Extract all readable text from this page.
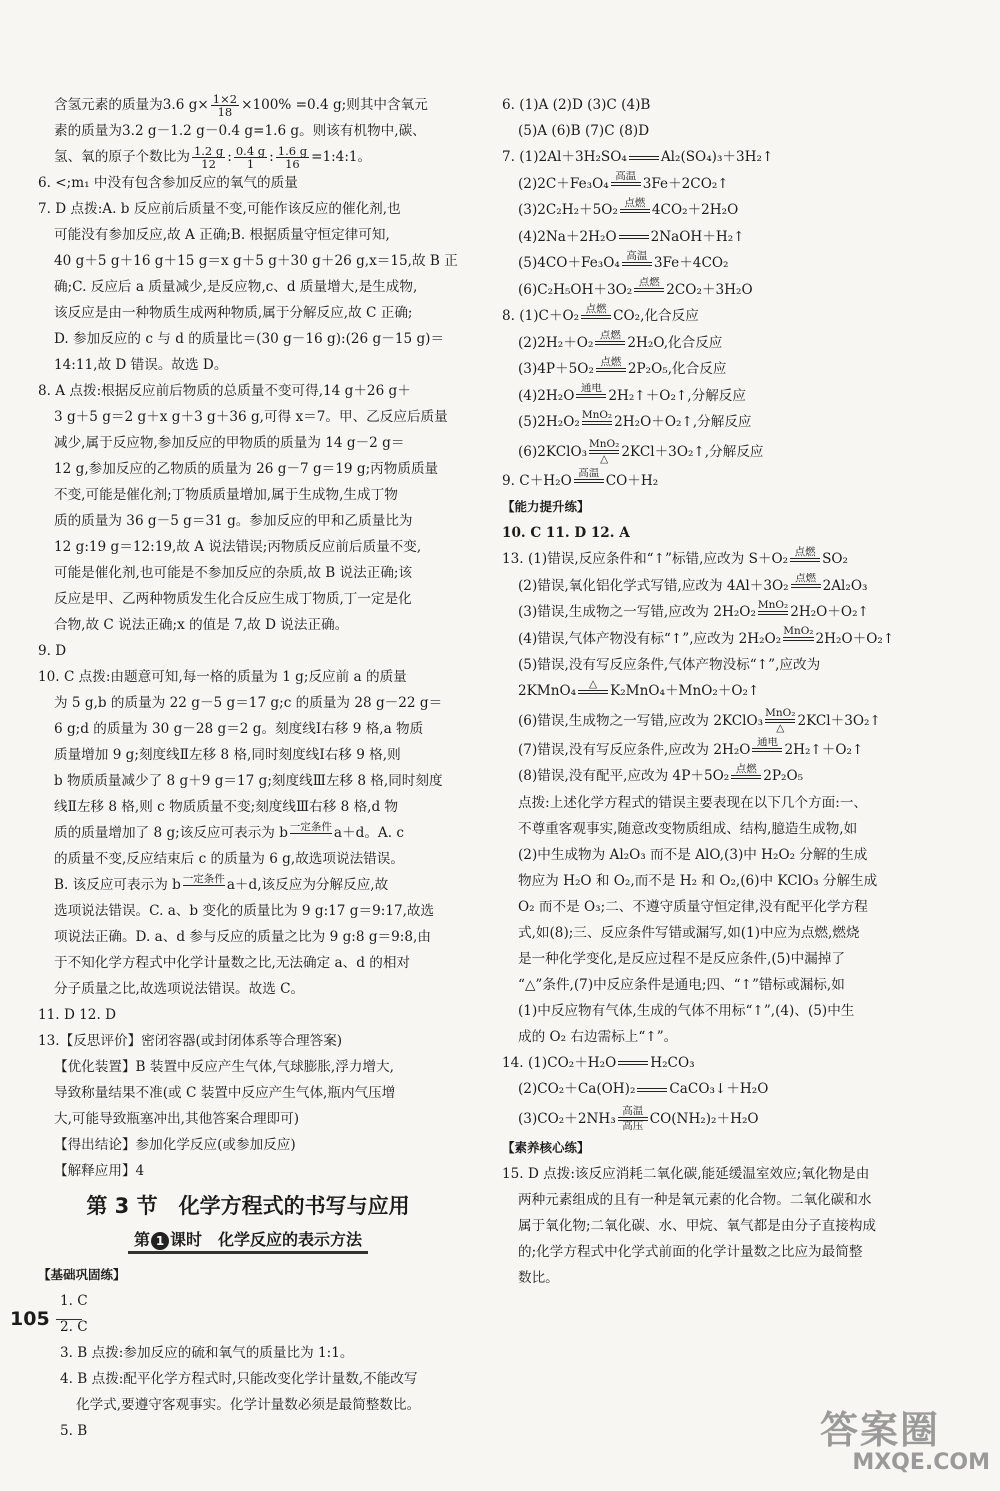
含氢元素的质量为3.6 $g\times \frac{1\times 2}{18} \times 100\% =0.4$ g;则其中含氧元
素的质量为3.2 g－1.2 g－0.4 g=1.6 g。则该有机物中,碳、
氢、氧的原子个数比为 $\frac{1.2 g}{12}$ : $\frac{0.4 g}{1}$ : $\frac{1.6 g}{16}$ =1:4:1。
6. <;m₁ 中没有包含参加反应的氧气的质量
7. D 点拨:A. b 反应前后质量不变,可能作该反应的催化剂,也
可能没有参加反应,故 A 正确;B. 根据质量守恒定律可知,
40 g＋5 g＋16 g＋15 g＝x g＋5 g＋30 g＋26 g,x＝15,故 B 正
确;C. 反应后 a 质量减少,是反应物,c、d 质量增大,是生成物,
该反应是由一种物质生成两种物质,属于分解反应,故 C 正确;
D. 参加反应的 c 与 d 的质量比＝(30 g－16 g):(26 g－15 g)＝
14:11,故 D 错误。故选 D。
8. A 点拨:根据反应前后物质的总质量不变可得,14 g＋26 g＋
3 g＋5 g＝2 g＋x g＋3 g＋36 g,可得 x＝7。甲、乙反应后质量
减少,属于反应物,参加反应的甲物质的质量为 14 g－2 g＝
12 g,参加反应的乙物质的质量为 26 g－7 g＝19 g;丙物质质量
不变,可能是催化剂;丁物质质量增加,属于生成物,生成丁物
质的质量为 36 g－5 g＝31 g。参加反应的甲和乙质量比为
12 g:19 g＝12:19,故 A 说法错误;丙物质反应前后质量不变,
可能是催化剂,也可能是不参加反应的杂质,故 B 说法正确;该
反应是甲、乙两种物质发生化合反应生成丁物质,丁一定是化
合物,故 C 说法正确;x 的值是 7,故 D 说法正确。
9. D
10. C 点拨:由题意可知,每一格的质量为 1 g;反应前 a 的质量
为 5 g,b 的质量为 22 g－5 g＝17 g;c 的质量为 28 g－22 g＝
6 g;d 的质量为 30 g－28 g＝2 g。刻度线Ⅰ右移 9 格,a 物质
质量增加 9 g;刻度线Ⅱ左移 8 格,同时刻度线Ⅰ右移 9 格,则
b 物质质量减少了 8 g＋9 g＝17 g;刻度线Ⅲ左移 8 格,同时刻度
线Ⅱ左移 8 格,则 c 物质质量不变;刻度线Ⅲ右移 8 格,d 物
质的质量增加了 8 g;该反应可表示为 b 一定条件
a＋d。A. c
的质量不变,反应结束后 c 的质量为 6 g,故选项说法错误。
B. 该反应可表示为 b 一定条件
a＋d,该反应为分解反应,故
选项说法错误。C. a、b 变化的质量比为 9 g:17 g＝9:17,故选
项说法正确。D. a、d 参与反应的质量之比为 9 g:8 g＝9:8,由
于不知化学方程式中化学计量数之比,无法确定 a、d 的相对
分子质量之比,故选项说法错误。故选 C。
11. D 12. D
13.【反思评价】密闭容器(或封闭体系等合理答案)
【优化装置】B 装置中反应产生气体,气球膨胀,浮力增大,
导致称量结果不准(或 C 装置中反应产生气体,瓶内气压增
大,可能导致瓶塞冲出,其他答案合理即可)
【得出结论】参加化学反应(或参加反应)
【解释应用】4
第 3 节　化学方程式的书写与应用
第 1 课时　化学反应的表示方法
【基础巩固练】
1. C
2. C
3. B 点拨:参加反应的硫和氧气的质量比为 1:1。
4. B 点拨:配平化学方程式时,只能改变化学计量数,不能改写
化学式,要遵守客观事实。化学计量数必须是最简整数比。
5. B
6. (1)A (2)D (3)C (4)B
(5)A (6)B (7)C (8)D
7. (1)2Al＋3H₂SO₄

	Al₂(SO₄)₃＋3H₂↑
(2)2C＋Fe₃O₄ 高温
3Fe＋2CO₂↑
(3)2C₂H₂＋5O₂ 点燃
4CO₂＋2H₂O
(4)2Na＋2H₂O

	2NaOH＋H₂↑
(5)4CO＋Fe₃O₄ 高温
3Fe＋4CO₂
(6)C₂H₅OH＋3O₂ 点燃
2CO₂＋3H₂O
8. (1)C＋O₂ 点燃
CO₂,化合反应
(2)2H₂＋O₂ 点燃
2H₂O,化合反应
(3)4P＋5O₂ 点燃
2P₂O₅,化合反应
(4)2H₂O 通电
2H₂↑＋O₂↑,分解反应
(5)2H₂O₂ MnO₂
2H₂O＋O₂↑,分解反应
(6)2KClO₃ MnO₂
△ 2KCl＋3O₂↑,分解反应
9. C＋H₂O 高温
CO＋H₂
【能力提升练】
10. C 11. D 12. A
13. (1)错误,反应条件和“↑”标错,应改为 S＋O₂ 点燃
SO₂
(2)错误,氧化铝化学式写错,应改为 4Al＋3O₂ 点燃
2Al₂O₃
(3)错误,生成物之一写错,应改为 2H₂O₂ MnO₂
2H₂O＋O₂↑
(4)错误,气体产物没有标“↑”,应改为 2H₂O₂ MnO₂
2H₂O＋O₂↑
(5)错误,没有写反应条件,气体产物没标“↑”,应改为
2KMnO₄	△
K₂MnO₄＋MnO₂＋O₂↑
(6)错误,生成物之一写错,应改为 2KClO₃ MnO₂
△ 2KCl＋3O₂↑
(7)错误,没有写反应条件,应改为 2H₂O 通电
2H₂↑＋O₂↑
(8)错误,没有配平,应改为 4P＋5O₂ 点燃
2P₂O₅
点拨:上述化学方程式的错误主要表现在以下几个方面:一、
不尊重客观事实,随意改变物质组成、结构,臆造生成物,如
(2)中生成物为 Al₂O₃ 而不是 AlO,(3)中 H₂O₂ 分解的生成
物应为 H₂O 和 O₂,而不是 H₂ 和 O₂,(6)中 KClO₃ 分解生成
O₂ 而不是 O₃;二、不遵守质量守恒定律,没有配平化学方程
式,如(8);三、反应条件写错或漏写,如(1)中应为点燃,燃烧
是一种化学变化,是反应过程不是反应条件,(5)中漏掉了
“△”条件,(7)中反应条件是通电;四、“↑”错标或漏标,如
(1)中反应物有气体,生成的气体不用标“↑”,(4)、(5)中生
成的 O₂ 右边需标上“↑”。
14. (1)CO₂＋H₂O

	H₂CO₃
(2)CO₂＋Ca(OH)₂

	CaCO₃↓＋H₂O
(3)CO₂＋2NH₃ 高温
高压 CO(NH₂)₂＋H₂O
【素养核心练】
15. D 点拨:该反应消耗二氧化碳,能延缓温室效应;氧化物是由
两种元素组成的且有一种是氧元素的化合物。二氧化碳和水
属于氧化物;二氧化碳、水、甲烷、氧气都是由分子直接构成
的;化学方程式中化学式前面的化学计量数之比应为最简整
数比。
105
答案圈
MXQE.COM
